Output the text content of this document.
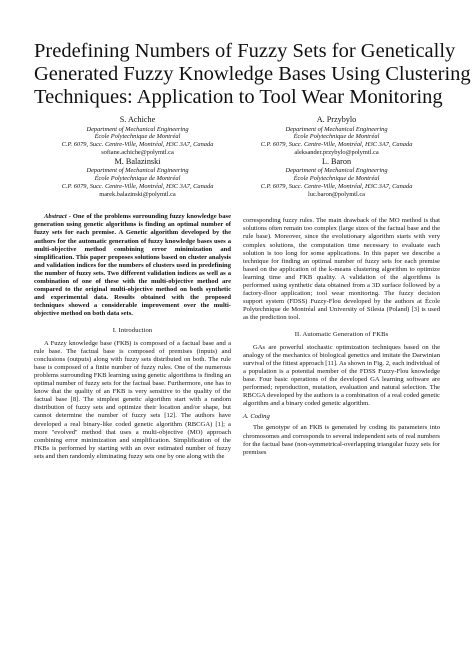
Predefining Numbers of Fuzzy Sets for Genetically
Generated Fuzzy Knowledge Bases Using Clustering
Techniques: Application to Tool Wear Monitoring
S. Achiche
Department of Mechanical Engineering
École Polytechnique de Montréal
C.P. 6079, Succ. Centre-Ville, Montréal, H3C 3A7, Canada
sofiane.achiche@polymtl.ca
M. Balazinski
Department of Mechanical Engineering
École Polytechnique de Montréal
C.P. 6079, Succ. Centre-Ville, Montréal, H3C 3A7, Canada
marek.balazinski@polymtl.ca
A. Przybylo
Department of Mechanical Engineering
École Polytechnique de Montréal
C.P. 6079, Succ. Centre-Ville, Montréal, H3C 3A7, Canada
aleksander.przybylo@polymtl.ca
L. Baron
Department of Mechanical Engineering
École Polytechnique de Montréal
C.P. 6079, Succ. Centre-Ville, Montréal, H3C 3A7, Canada
luc.baron@polymtl.ca

Abstract - One of the problems surrounding fuzzy knowledge base generation using genetic algorithms is finding an optimal number of fuzzy sets for each premise. A Genetic algorithm developed by the authors for the automatic generation of fuzzy knowledge bases uses a multi-objective method combining error minimization and simplification. This paper proposes solutions based on cluster analysis and validation indices for the numbers of clusters used in predefining the number of fuzzy sets. Two different validation indices as well as a combination of one of these with the multi-objective method are compared to the original multi-objective method on both synthetic and experimental data. Results obtained with the proposed techniques showed a considerable improvement over the multi-objective method on both data sets.

I. Introduction

A Fuzzy knowledge base (FKB) is composed of a factual base and a rule base. The factual base is composed of premises (inputs) and conclusions (outputs) along with fuzzy sets distributed on both. The rule base is composed of a finite number of fuzzy rules. One of the numerous problems surrounding FKB learning using genetic algorithms is finding an optimal number of fuzzy sets for the factual base. Furthermore, one has to know that the quality of an FKB is very sensitive to the quality of the factual base [8]. The simplest genetic algorithm start with a random distribution of fuzzy sets and optimize their location and/or shape, but cannot determine the number of fuzzy sets [12]. The authors have developed a real binary-like coded genetic algorithm (RBCGA) [1]; a more ''evolved'' method that uses a multi-objective (MO) approach combining error minimization and simplification. Simplification of the FKBs is performed by starting with an over estimated number of fuzzy sets and then randomly eliminating fuzzy sets one by one along with the

corresponding fuzzy rules. The main drawback of the MO method is that solutions often remain too complex (large sizes of the factual base and the rule base). Moreover, since the evolutionary algorithm starts with very complex solutions, the computation time necessary to evaluate each solution is too long for some applications. In this paper we describe a technique for finding an optimal number of fuzzy sets for each premise based on the application of the k-means clustering algorithm to optimize learning time and FKB quality. A validation of the algorithms is performed using synthetic data obtained from a 3D surface followed by a factory-floor application; tool wear monitoring. The fuzzy decision support system (FDSS) Fuzzy-Flou developed by the authors at École Polytechnique de Montréal and University of Silesia (Poland) [3] is used as the prediction tool.

II. Automatic Generation of FKBs

GAs are powerful stochastic optimization techniques based on the analogy of the mechanics of biological genetics and imitate the Darwinian survival of the fittest approach [11]. As shown in Fig. 2, each individual of a population is a potential member of the FDSS Fuzzy-Flou knowledge base. Four basic operations of the developed GA learning software are performed; reproduction, mutation, evaluation and natural selection. The RBCGA developed by the authors is a combination of a real coded genetic algorithm and a binary coded genetic algorithm.

A. Coding

The genotype of an FKB is generated by coding its parameters into chromosomes and corresponds to several independent sets of real numbers for the factual base (non-symmetrical-overlapping triangular fuzzy sets for premises
